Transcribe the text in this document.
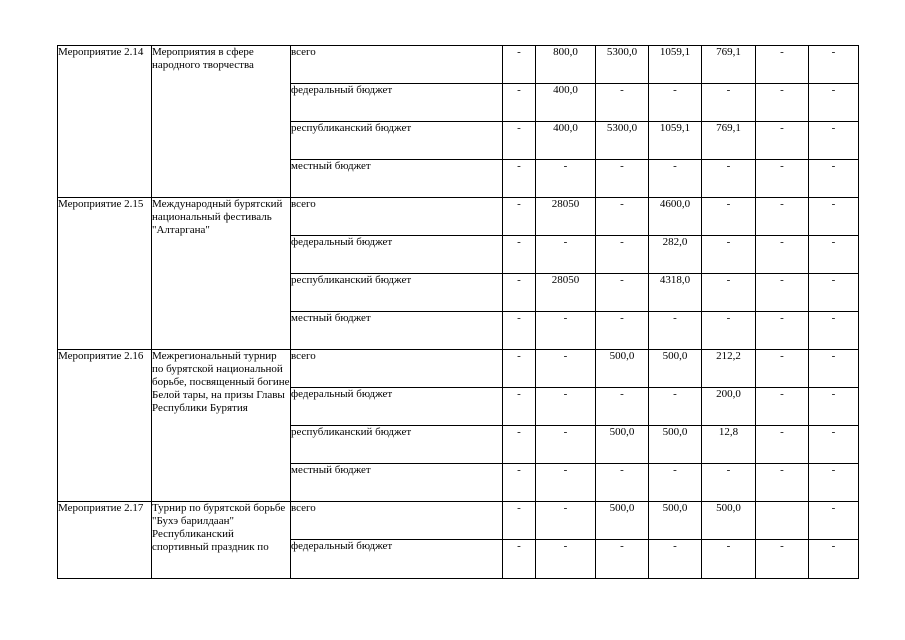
Мероприятие 2.14	Мероприятия в сфере народного творчества	всего	-	800,0	5300,0	1059,1	769,1	-	-
		федеральный бюджет	-	400,0	-	-	-	-	-
		республиканский бюджет	-	400,0	5300,0	1059,1	769,1	-	-
		местный бюджет	-	-	-	-	-	-	-
Мероприятие 2.15	Международный бурятский национальный фестиваль "Алтаргана"	всего	-	28050	-	4600,0	-	-	-
		федеральный бюджет	-	-	-	282,0	-	-	-
		республиканский бюджет	-	28050	-	4318,0	-	-	-
		местный бюджет	-	-	-	-	-	-	-
Мероприятие 2.16	Межрегиональный турнир по бурятской национальной борьбе, посвященный богине Белой тары, на призы Главы Республики Бурятия	всего	-	-	500,0	500,0	212,2	-	-
		федеральный бюджет	-	-	-	-	200,0	-	-
		республиканский бюджет	-	-	500,0	500,0	12,8	-	-
		местный бюджет	-	-	-	-	-	-	-
Мероприятие 2.17	Турнир по бурятской борьбе "Бухэ барилдаан" Республиканский спортивный праздник по	всего	-	-	500,0	500,0	500,0		-
		федеральный бюджет	-	-	-	-	-	-	-
